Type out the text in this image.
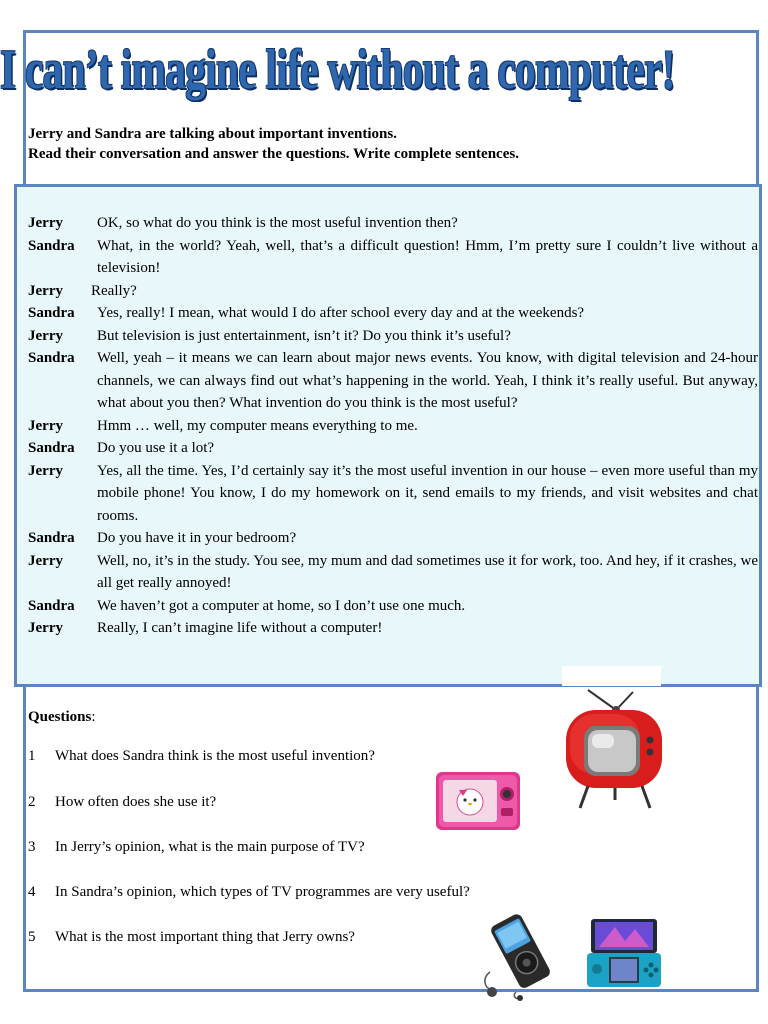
I can’t imagine life without a computer!
Jerry and Sandra are talking about important inventions.
Read their conversation and answer the questions. Write complete sentences.
Jerry OK, so what do you think is the most useful invention then?
Sandra What, in the world? Yeah, well, that’s a difficult question! Hmm, I’m pretty sure I couldn’t live without a television!
Jerry Really?
Sandra Yes, really! I mean, what would I do after school every day and at the weekends?
Jerry But television is just entertainment, isn’t it? Do you think it’s useful?
Sandra Well, yeah – it means we can learn about major news events. You know, with digital television and 24-hour channels, we can always find out what’s happening in the world. Yeah, I think it’s really useful. But anyway, what about you then? What invention do you think is the most useful?
Jerry Hmm … well, my computer means everything to me.
Sandra Do you use it a lot?
Jerry Yes, all the time. Yes, I’d certainly say it’s the most useful invention in our house – even more useful than my mobile phone! You know, I do my homework on it, send emails to my friends, and visit websites and chat rooms.
Sandra Do you have it in your bedroom?
Jerry Well, no, it’s in the study. You see, my mum and dad sometimes use it for work, too. And hey, if it crashes, we all get really annoyed!
Sandra We haven’t got a computer at home, so I don’t use one much.
Jerry Really, I can’t imagine life without a computer!
Questions:
1 What does Sandra think is the most useful invention?
2 How often does she use it?
3 In Jerry’s opinion, what is the main purpose of TV?
4 In Sandra’s opinion, which types of TV programmes are very useful?
5 What is the most important thing that Jerry owns?
